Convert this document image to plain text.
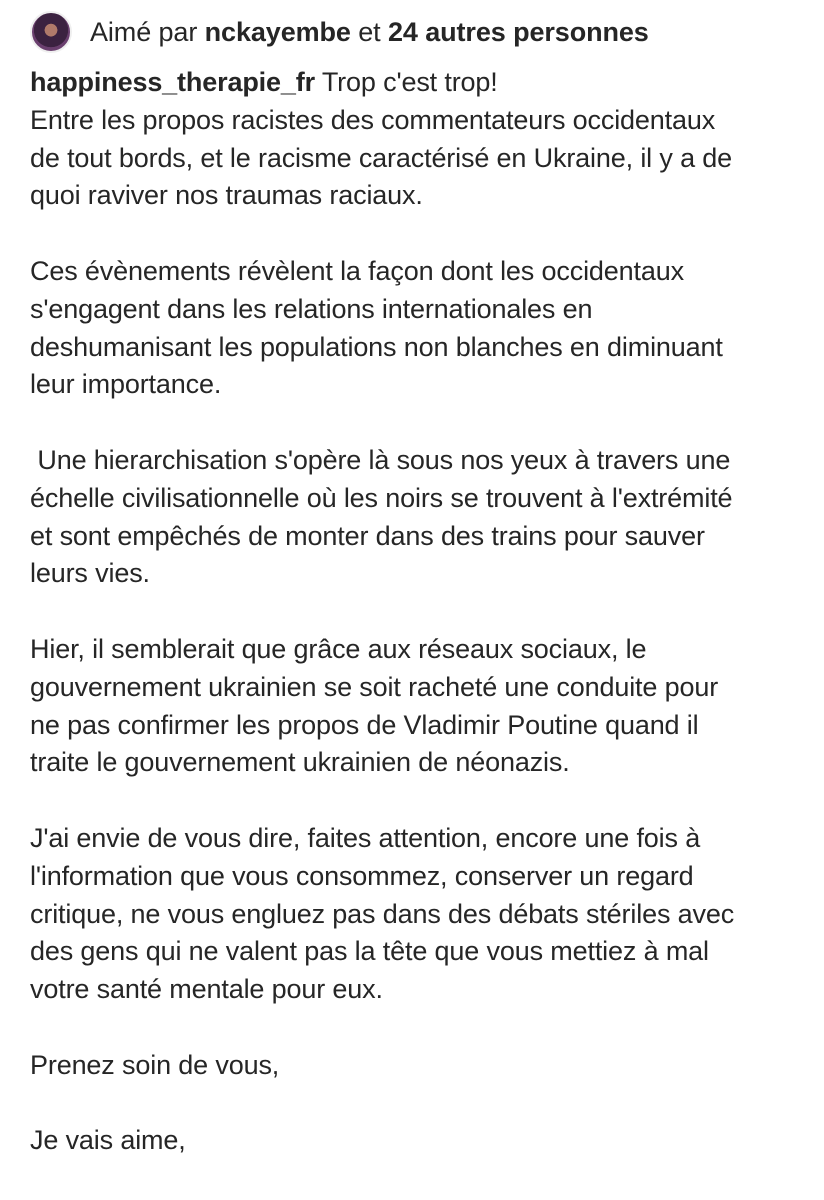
Aimé par nckayembe et 24 autres personnes

happiness_therapie_fr Trop c'est trop!
Entre les propos racistes des commentateurs occidentaux
de tout bords, et le racisme caractérisé en Ukraine, il y a de
quoi raviver nos traumas raciaux.

Ces évènements révèlent la façon dont les occidentaux
s'engagent dans les relations internationales en
deshumanisant les populations non blanches en diminuant
leur importance.

Une hierarchisation s'opère là sous nos yeux à travers une
échelle civilisationnelle où les noirs se trouvent à l'extrémité
et sont empêchés de monter dans des trains pour sauver
leurs vies.

Hier, il semblerait que grâce aux réseaux sociaux, le
gouvernement ukrainien se soit racheté une conduite pour
ne pas confirmer les propos de Vladimir Poutine quand il
traite le gouvernement ukrainien de néonazis.

J'ai envie de vous dire, faites attention, encore une fois à
l'information que vous consommez, conserver un regard
critique, ne vous engluez pas dans des débats stériles avec
des gens qui ne valent pas la tête que vous mettiez à mal
votre santé mentale pour eux.

Prenez soin de vous,

Je vais aime,
